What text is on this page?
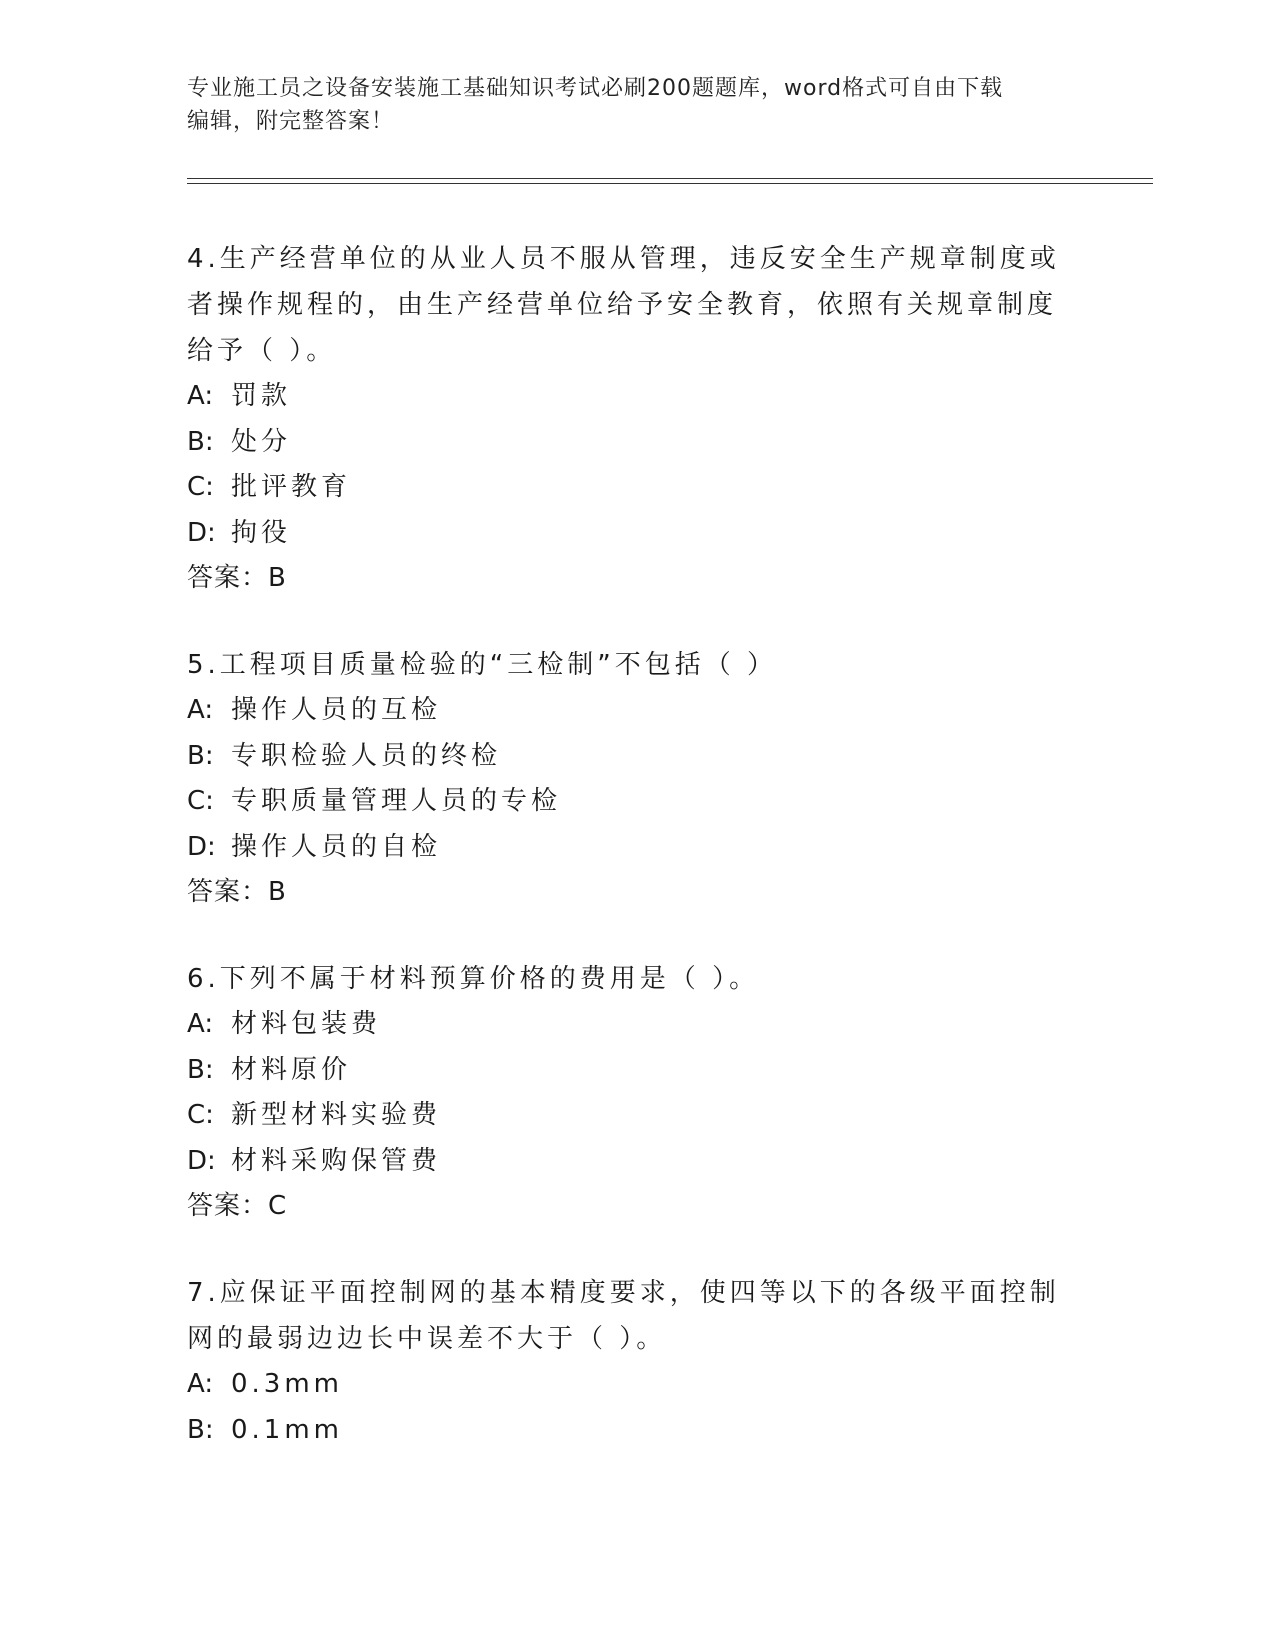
专业施工员之设备安装施工基础知识考试必刷200题题库，word格式可自由下载

编辑，附完整答案！

4.生产经营单位的从业人员不服从管理，违反安全生产规章制度或者操作规程的，由生产经营单位给予安全教育，依照有关规章制度给予（ ）。

A: 罚款

B: 处分

C: 批评教育

D: 拘役

答案：B

5.工程项目质量检验的“三检制”不包括（ ）

A: 操作人员的互检

B: 专职检验人员的终检

C: 专职质量管理人员的专检

D: 操作人员的自检

答案：B

6.下列不属于材料预算价格的费用是（ ）。

A: 材料包装费

B: 材料原价

C: 新型材料实验费

D: 材料采购保管费

答案：C

7.应保证平面控制网的基本精度要求，使四等以下的各级平面控制网的最弱边边长中误差不大于（ ）。

A: 0.3mm

B: 0.1mm
